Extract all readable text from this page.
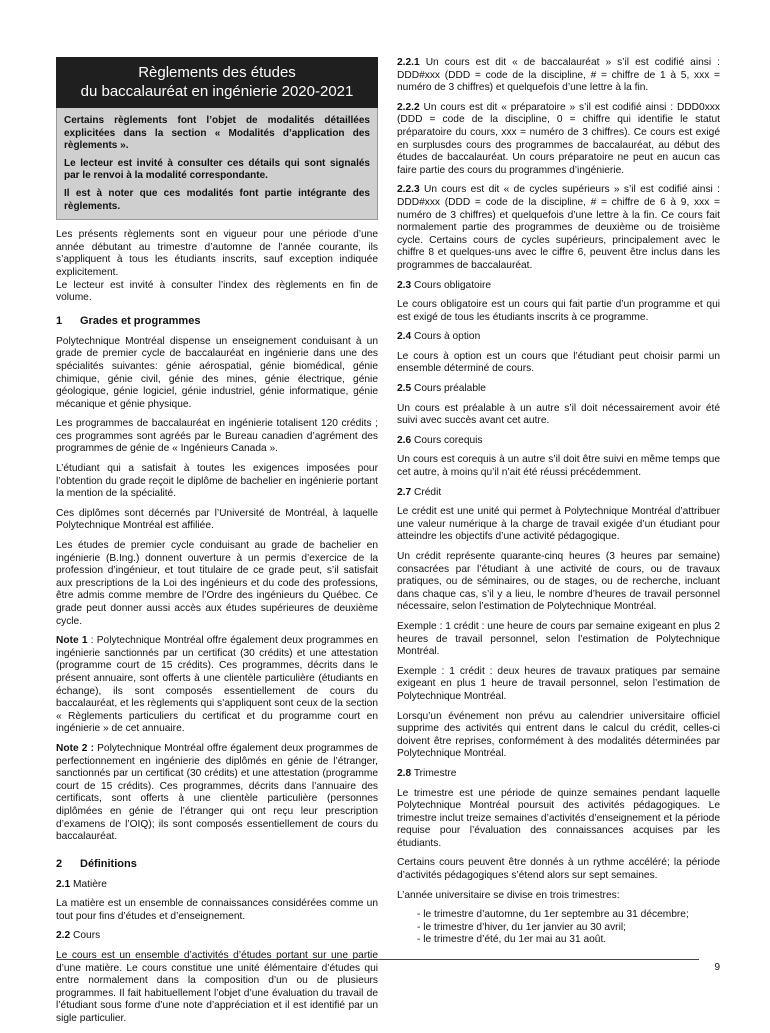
Règlements des études
du baccalauréat en ingénierie 2020-2021

Certains règlements font l’objet de modalités détaillées explicitées dans la section « Modalités d’application des règlements ».

Le lecteur est invité à consulter ces détails qui sont signalés par le renvoi à la modalité correspondante.

Il est à noter que ces modalités font partie intégrante des règlements.

Les présents règlements sont en vigueur pour une période d’une année débutant au trimestre d’automne de l’année courante, ils s’appliquent à tous les étudiants inscrits, sauf exception indiquée explicitement.

Le lecteur est invité à consulter l’index des règlements en fin de volume.

1 Grades et programmes

Polytechnique Montréal dispense un enseignement conduisant à un grade de premier cycle de baccalauréat en ingénierie dans une des spécialités suivantes: génie aérospatial, génie biomédical, génie chimique, génie civil, génie des mines, génie électrique, génie géologique, génie logiciel, génie industriel, génie informatique, génie mécanique et génie physique.

Les programmes de baccalauréat en ingénierie totalisent 120 crédits ; ces programmes sont agréés par le Bureau canadien d’agrément des programmes de génie de « Ingénieurs Canada ».

L’étudiant qui a satisfait à toutes les exigences imposées pour l’obtention du grade reçoit le diplôme de bachelier en ingénierie portant la mention de la spécialité.

Ces diplômes sont décernés par l’Université de Montréal, à laquelle Polytechnique Montréal est affiliée.

Les études de premier cycle conduisant au grade de bachelier en ingénierie (B.Ing.) donnent ouverture à un permis d’exercice de la profession d’ingénieur, et tout titulaire de ce grade peut, s’il satisfait aux prescriptions de la Loi des ingénieurs et du code des professions, être admis comme membre de l’Ordre des ingénieurs du Québec. Ce grade peut donner aussi accès aux études supérieures de deuxième cycle.

Note 1 : Polytechnique Montréal offre également deux programmes en ingénierie sanctionnés par un certificat (30 crédits) et une attestation (programme court de 15 crédits). Ces programmes, décrits dans le présent annuaire, sont offerts à une clientèle particulière (étudiants en échange), ils sont composés essentiellement de cours du baccalauréat, et les règlements qui s’appliquent sont ceux de la section « Règlements particuliers du certificat et du programme court en ingénierie » de cet annuaire.

Note 2 : Polytechnique Montréal offre également deux programmes de perfectionnement en ingénierie des diplômés en génie de l’étranger, sanctionnés par un certificat (30 crédits) et une attestation (programme court de 15 crédits). Ces programmes, décrits dans l’annuaire des certificats, sont offerts à une clientèle particulière (personnes diplômées en génie de l’étranger qui ont reçu leur prescription d’examens de l’OIQ); ils sont composés essentiellement de cours du baccalauréat.

2 Définitions
2.1 Matière

La matière est un ensemble de connaissances considérées comme un tout pour fins d’études et d’enseignement.

2.2 Cours

Le cours est un ensemble d’activités d’études portant sur une partie d’une matière. Le cours constitue une unité élémentaire d’études qui entre normalement dans la composition d’un ou de plusieurs programmes. Il fait habituellement l’objet d’une évaluation du travail de l’étudiant sous forme d’une note d’appréciation et il est identifié par un sigle particulier.

2.2.1 Un cours est dit « de baccalauréat » s’il est codifié ainsi : DDD#xxx (DDD = code de la discipline, # = chiffre de 1 à 5, xxx = numéro de 3 chiffres) et quelquefois d’une lettre à la fin.

2.2.2 Un cours est dit « préparatoire » s’il est codifié ainsi : DDD0xxx (DDD = code de la discipline, 0 = chiffre qui identifie le statut préparatoire du cours, xxx = numéro de 3 chiffres). Ce cours est exigé en surplusdes cours des programmes de baccalauréat, au début des études de baccalauréat. Un cours préparatoire ne peut en aucun cas faire partie des cours du programmes d’ingénierie.

2.2.3 Un cours est dit « de cycles supérieurs » s’il est codifié ainsi : DDD#xxx (DDD = code de la discipline, # = chiffre de 6 à 9, xxx = numéro de 3 chiffres) et quelquefois d’une lettre à la fin. Ce cours fait normalement partie des programmes de deuxième ou de troisième cycle. Certains cours de cycles supérieurs, principalement avec le chiffre 8 et quelques-uns avec le ciffre 6, peuvent être inclus dans les programmes de baccalauréat.

2.3 Cours obligatoire

Le cours obligatoire est un cours qui fait partie d’un programme et qui est exigé de tous les étudiants inscrits à ce programme.

2.4 Cours à option

Le cours à option est un cours que l’étudiant peut choisir parmi un ensemble déterminé de cours.

2.5 Cours préalable

Un cours est préalable à un autre s’il doit nécessairement avoir été suivi avec succès avant cet autre.

2.6 Cours corequis

Un cours est corequis à un autre s’il doit être suivi en même temps que cet autre, à moins qu’il n’ait été réussi précédemment.

2.7 Crédit

Le crédit est une unité qui permet à Polytechnique Montréal d’attribuer une valeur numérique à la charge de travail exigée d’un étudiant pour atteindre les objectifs d’une activité pédagogique.

Un crédit représente quarante-cinq heures (3 heures par semaine) consacrées par l’étudiant à une activité de cours, ou de travaux pratiques, ou de séminaires, ou de stages, ou de recherche, incluant dans chaque cas, s’il y a lieu, le nombre d’heures de travail personnel nécessaire, selon l’estimation de Polytechnique Montréal.

Exemple : 1 crédit : une heure de cours par semaine exigeant en plus 2 heures de travail personnel, selon l’estimation de Polytechnique Montréal.

Exemple : 1 crédit : deux heures de travaux pratiques par semaine exigeant en plus 1 heure de travail personnel, selon l’estimation de Polytechnique Montréal.

Lorsqu’un événement non prévu au calendrier universitaire officiel supprime des activités qui entrent dans le calcul du crédit, celles-ci doivent être reprises, conformément à des modalités déterminées par Polytechnique Montréal.

2.8 Trimestre

Le trimestre est une période de quinze semaines pendant laquelle Polytechnique Montréal poursuit des activités pédagogiques. Le trimestre inclut treize semaines d’activités d’enseignement et la période requise pour l’évaluation des connaissances acquises par les étudiants.

Certains cours peuvent être donnés à un rythme accéléré; la période d’activités pédagogiques s’étend alors sur sept semaines.

L’année universitaire se divise en trois trimestres:

- le trimestre d’automne, du 1er septembre au 31 décembre;
- le trimestre d’hiver, du 1er janvier au 30 avril;
- le trimestre d’été, du 1er mai au 31 août.
9
